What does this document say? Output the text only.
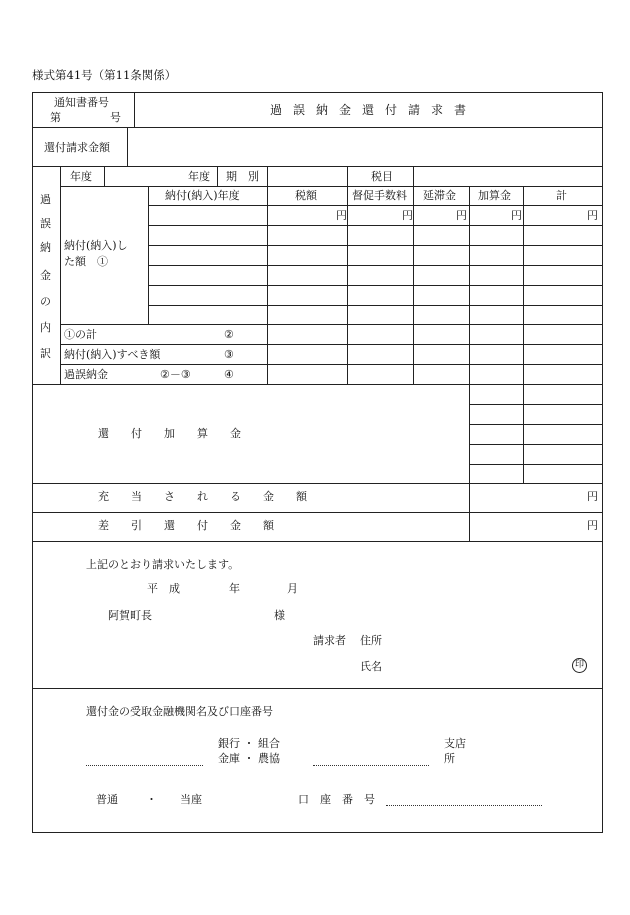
様式第41号（第11条関係）
通知書番号
第	号
過誤納金還付請求書
還付請求金額
過
誤
納
金
の
内
訳
年度	年度 期　別	税目
納付(納入)年度	税額	督促手数料 延滞金 加算金	計
円	円	円	円	円
納付(納入)し
た額　①
①の計	②
納付(納入)すべき額	③
過誤納金	②－③	④
還付加算金
充当される金額	円
差引還付金額	円
上記のとおり請求いたします。
平　成	年	月
阿賀町長	様
請求者 住所
氏名	印
還付金の受取金融機関名及び口座番号
銀行 ・ 組合
金庫 ・ 農協
支店
所
普通	・ 当座	口座番号
